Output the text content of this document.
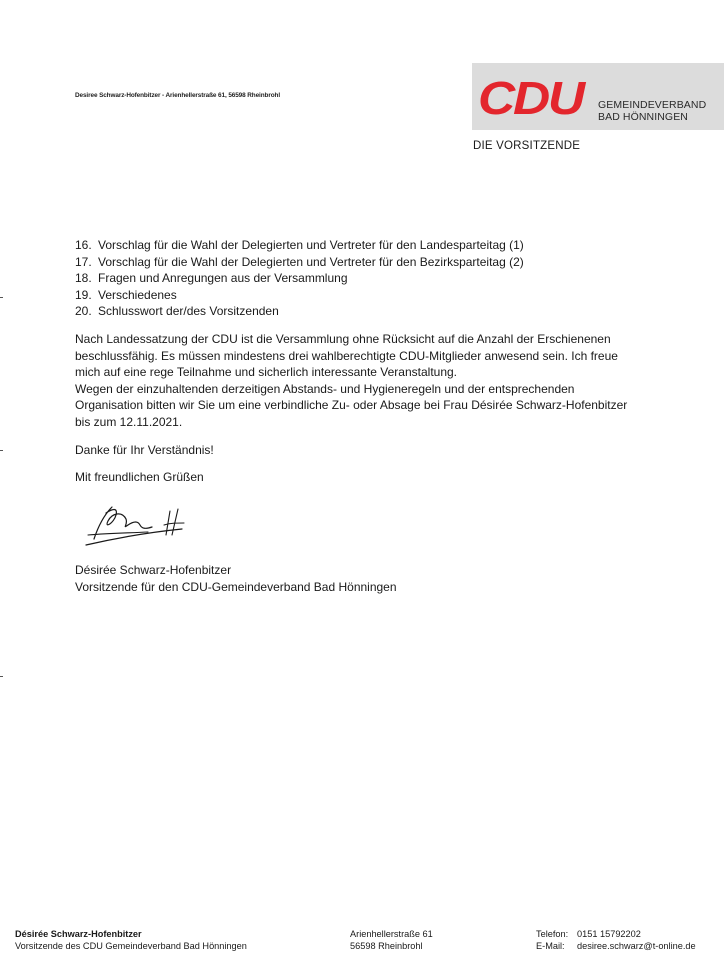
Desiree Schwarz-Hofenbitzer - Arienhellerstraße 61, 56598 Rheinbrohl	CDU GEMEINDEVERBAND
BAD HÖNNINGEN
DIE VORSITZENDE
16. Vorschlag für die Wahl der Delegierten und Vertreter für den Landesparteitag (1)
17. Vorschlag für die Wahl der Delegierten und Vertreter für den Bezirksparteitag (2)
18. Fragen und Anregungen aus der Versammlung
19. Verschiedenes
20. Schlusswort der/des Vorsitzenden

Nach Landessatzung der CDU ist die Versammlung ohne Rücksicht auf die Anzahl der Erschienenen

beschlussfähig. Es müssen mindestens drei wahlberechtigte CDU-Mitglieder anwesend sein. Ich freue

mich auf eine rege Teilnahme und sicherlich interessante Veranstaltung.

Wegen der einzuhaltenden derzeitigen Abstands- und Hygieneregeln und der entsprechenden

Organisation bitten wir Sie um eine verbindliche Zu- oder Absage bei Frau Désirée Schwarz-Hofenbitzer

bis zum 12.11.2021.

Danke für Ihr Verständnis!

Mit freundlichen Grüßen

Désirée Schwarz-Hofenbitzer
Vorsitzende für den CDU-Gemeindeverband Bad Hönningen
Désirée Schwarz-Hofenbitzer
Vorsitzende des CDU Gemeindeverband Bad Hönningen
Arienhellerstraße 61
56598 Rheinbrohl
Telefon: 0151 15792202
E-Mail:	desiree.schwarz@t-online.de
